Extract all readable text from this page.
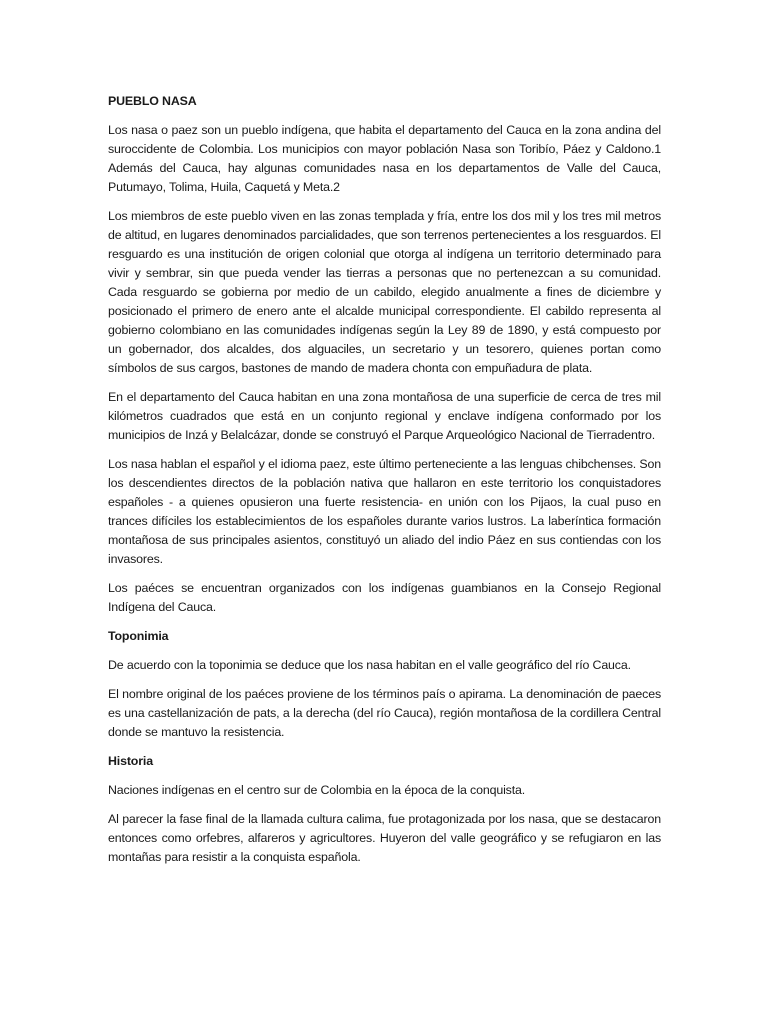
PUEBLO NASA

Los nasa o paez son un pueblo indígena, que habita el departamento del Cauca en la zona andina del suroccidente de Colombia. Los municipios con mayor población Nasa son Toribío, Páez y Caldono.1 Además del Cauca, hay algunas comunidades nasa en los departamentos de Valle del Cauca, Putumayo, Tolima, Huila, Caquetá y Meta.2

Los miembros de este pueblo viven en las zonas templada y fría, entre los dos mil y los tres mil metros de altitud, en lugares denominados parcialidades, que son terrenos pertenecientes a los resguardos. El resguardo es una institución de origen colonial que otorga al indígena un territorio determinado para vivir y sembrar, sin que pueda vender las tierras a personas que no pertenezcan a su comunidad. Cada resguardo se gobierna por medio de un cabildo, elegido anualmente a fines de diciembre y posicionado el primero de enero ante el alcalde municipal correspondiente. El cabildo representa al gobierno colombiano en las comunidades indígenas según la Ley 89 de 1890, y está compuesto por un gobernador, dos alcaldes, dos alguaciles, un secretario y un tesorero, quienes portan como símbolos de sus cargos, bastones de mando de madera chonta con empuñadura de plata.

En el departamento del Cauca habitan en una zona montañosa de una superficie de cerca de tres mil kilómetros cuadrados que está en un conjunto regional y enclave indígena conformado por los municipios de Inzá y Belalcázar, donde se construyó el Parque Arqueológico Nacional de Tierradentro.

Los nasa hablan el español y el idioma paez, este último perteneciente a las lenguas chibchenses. Son los descendientes directos de la población nativa que hallaron en este territorio los conquistadores españoles - a quienes opusieron una fuerte resistencia- en unión con los Pijaos, la cual puso en trances difíciles los establecimientos de los españoles durante varios lustros. La laberíntica formación montañosa de sus principales asientos, constituyó un aliado del indio Páez en sus contiendas con los invasores.

Los paéces se encuentran organizados con los indígenas guambianos en la Consejo Regional Indígena del Cauca.

Toponimia

De acuerdo con la toponimia se deduce que los nasa habitan en el valle geográfico del río Cauca.

El nombre original de los paéces proviene de los términos país o apirama. La denominación de paeces es una castellanización de pats, a la derecha (del río Cauca), región montañosa de la cordillera Central donde se mantuvo la resistencia.

Historia

Naciones indígenas en el centro sur de Colombia en la época de la conquista.

Al parecer la fase final de la llamada cultura calima, fue protagonizada por los nasa, que se destacaron entonces como orfebres, alfareros y agricultores. Huyeron del valle geográfico y se refugiaron en las montañas para resistir a la conquista española.
